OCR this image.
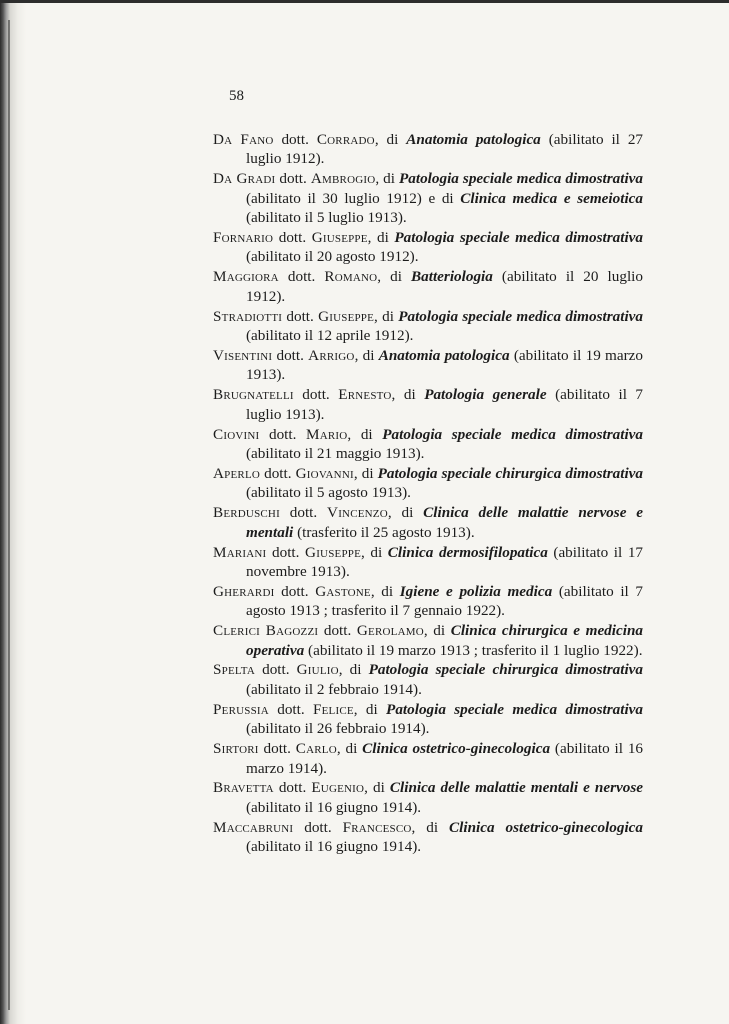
58
Da Fano dott. Corrado, di Anatomia patologica (abilitato il 27 luglio 1912).
Da Gradi dott. Ambrogio, di Patologia speciale medica dimostrativa (abilitato il 30 luglio 1912) e di Clinica medica e semeiotica (abilitato il 5 luglio 1913).
Fornario dott. Giuseppe, di Patologia speciale medica dimostrativa (abilitato il 20 agosto 1912).
Maggiora dott. Romano, di Batteriologia (abilitato il 20 luglio 1912).
Stradiotti dott. Giuseppe, di Patologia speciale medica dimostrativa (abilitato il 12 aprile 1912).
Visentini dott. Arrigo, di Anatomia patologica (abilitato il 19 marzo 1913).
Brugnatelli dott. Ernesto, di Patologia generale (abilitato il 7 luglio 1913).
Ciovini dott. Mario, di Patologia speciale medica dimostrativa (abilitato il 21 maggio 1913).
Aperlo dott. Giovanni, di Patologia speciale chirurgica dimostrativa (abilitato il 5 agosto 1913).
Berduschi dott. Vincenzo, di Clinica delle malattie nervose e mentali (trasferito il 25 agosto 1913).
Mariani dott. Giuseppe, di Clinica dermosifilopatica (abilitato il 17 novembre 1913).
Gherardi dott. Gastone, di Igiene e polizia medica (abilitato il 7 agosto 1913 ; trasferito il 7 gennaio 1922).
Clerici Bagozzi dott. Gerolamo, di Clinica chirurgica e medicina operativa (abilitato il 19 marzo 1913 ; trasferito il 1 luglio 1922).
Spelta dott. Giulio, di Patologia speciale chirurgica dimostrativa (abilitato il 2 febbraio 1914).
Perussia dott. Felice, di Patologia speciale medica dimostrativa (abilitato il 26 febbraio 1914).
Sirtori dott. Carlo, di Clinica ostetrico-ginecologica (abilitato il 16 marzo 1914).
Bravetta dott. Eugenio, di Clinica delle malattie mentali e nervose (abilitato il 16 giugno 1914).
Maccabruni dott. Francesco, di Clinica ostetrico-ginecologica (abilitato il 16 giugno 1914).
